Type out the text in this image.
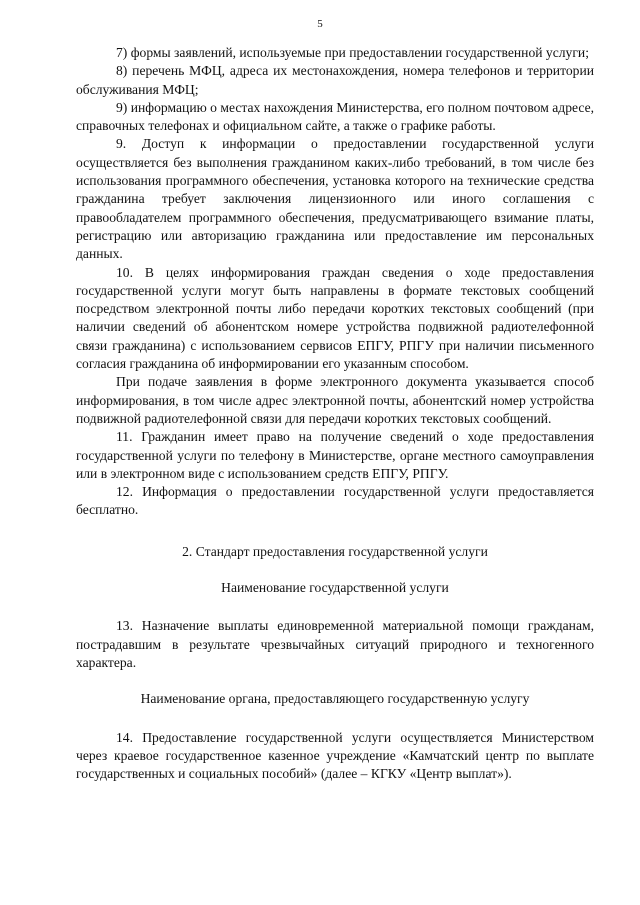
5

7) формы заявлений, используемые при предоставлении государственной услуги;

8) перечень МФЦ, адреса их местонахождения, номера телефонов и территории обслуживания МФЦ;

9) информацию о местах нахождения Министерства, его полном почтовом адресе, справочных телефонах и официальном сайте, а также о графике работы.

9. Доступ к информации о предоставлении государственной услуги осуществляется без выполнения гражданином каких-либо требований, в том числе без использования программного обеспечения, установка которого на технические средства гражданина требует заключения лицензионного или иного соглашения с правообладателем программного обеспечения, предусматривающего взимание платы, регистрацию или авторизацию гражданина или предоставление им персональных данных.

10. В целях информирования граждан сведения о ходе предоставления государственной услуги могут быть направлены в формате текстовых сообщений посредством электронной почты либо передачи коротких текстовых сообщений (при наличии сведений об абонентском номере устройства подвижной радиотелефонной связи гражданина) с использованием сервисов ЕПГУ, РПГУ при наличии письменного согласия гражданина об информировании его указанным способом.

При подаче заявления в форме электронного документа указывается способ информирования, в том числе адрес электронной почты, абонентский номер устройства подвижной радиотелефонной связи для передачи коротких текстовых сообщений.

11. Гражданин имеет право на получение сведений о ходе предоставления государственной услуги по телефону в Министерстве, органе местного самоуправления или в электронном виде с использованием средств ЕПГУ, РПГУ.

12. Информация о предоставлении государственной услуги предоставляется бесплатно.

2. Стандарт предоставления государственной услуги

Наименование государственной услуги

13. Назначение выплаты единовременной материальной помощи гражданам, пострадавшим в результате чрезвычайных ситуаций природного и техногенного характера.

Наименование органа, предоставляющего государственную услугу

14. Предоставление государственной услуги осуществляется Министерством через краевое государственное казенное учреждение «Камчатский центр по выплате государственных и социальных пособий» (далее – КГКУ «Центр выплат»).
